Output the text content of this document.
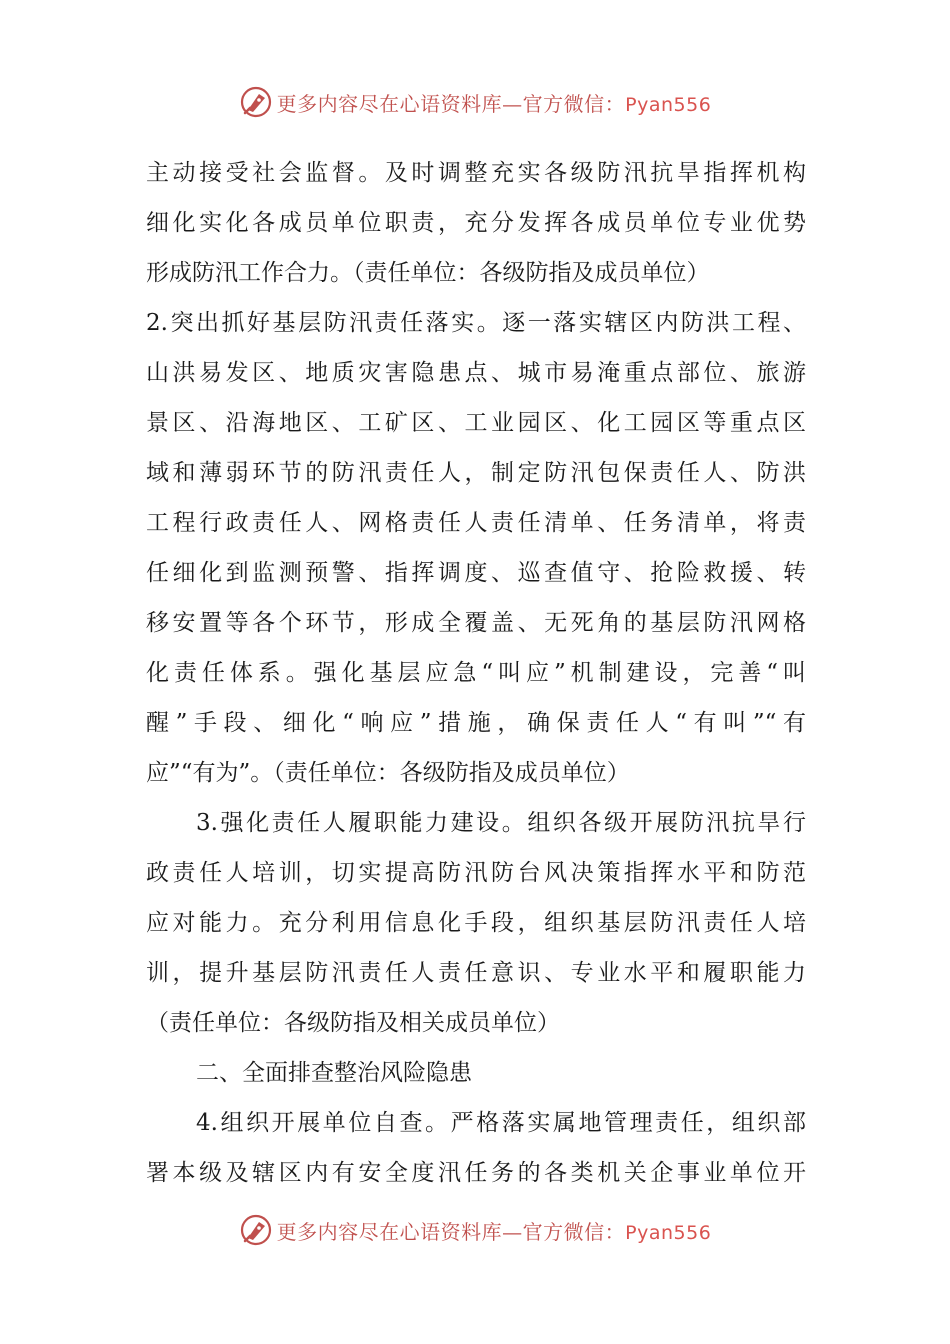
更多内容尽在心语资料库—官方微信：Pyan556
主动接受社会监督。及时调整充实各级防汛抗旱指挥机构
细化实化各成员单位职责，充分发挥各成员单位专业优势
形成防汛工作合力。（责任单位：各级防指及成员单位）
2.突出抓好基层防汛责任落实。逐一落实辖区内防洪工程、
山洪易发区、地质灾害隐患点、城市易淹重点部位、旅游
景区、沿海地区、工矿区、工业园区、化工园区等重点区
域和薄弱环节的防汛责任人，制定防汛包保责任人、防洪
工程行政责任人、网格责任人责任清单、任务清单，将责
任细化到监测预警、指挥调度、巡查值守、抢险救援、转
移安置等各个环节，形成全覆盖、无死角的基层防汛网格
化责任体系。强化基层应急“叫应”机制建设，完善“叫
醒”手段、细化“响应”措施，确保责任人“有叫”“有
应”“有为”。（责任单位：各级防指及成员单位）
3.强化责任人履职能力建设。组织各级开展防汛抗旱行
政责任人培训，切实提高防汛防台风决策指挥水平和防范
应对能力。充分利用信息化手段，组织基层防汛责任人培
训，提升基层防汛责任人责任意识、专业水平和履职能力
（责任单位：各级防指及相关成员单位）
二、全面排查整治风险隐患
4.组织开展单位自查。严格落实属地管理责任，组织部
署本级及辖区内有安全度汛任务的各类机关企事业单位开
更多内容尽在心语资料库—官方微信：Pyan556
